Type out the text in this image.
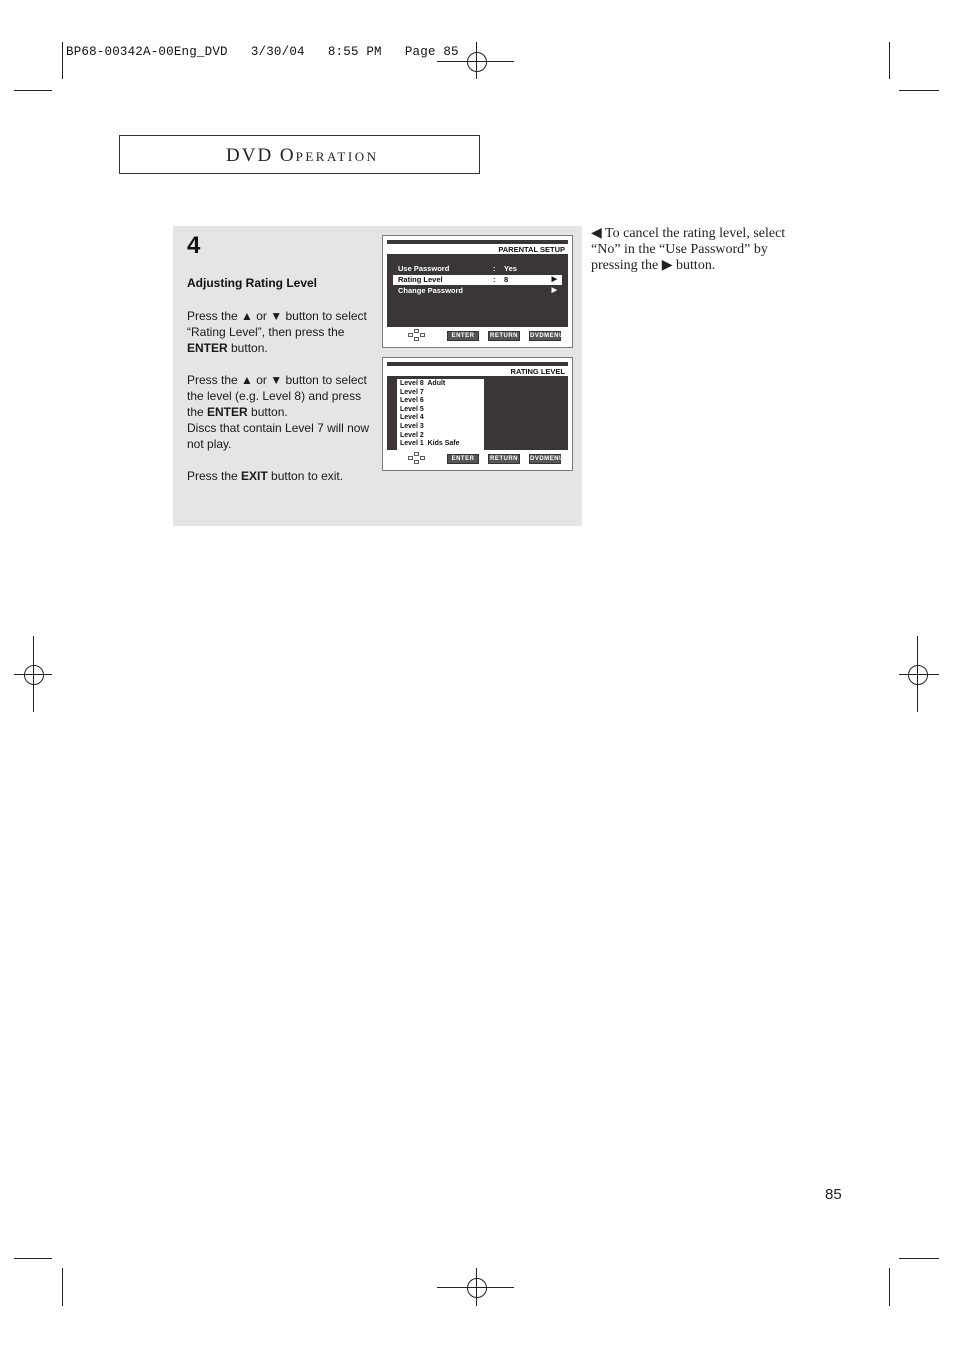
BP68-00342A-00Eng_DVD   3/30/04   8:55 PM   Page 85
DVD OPERATION
4
Adjusting Rating Level
Press the ▲ or ▼ button to select “Rating Level”, then press the ENTER button.
Press the ▲ or ▼ button to select the level (e.g. Level 8) and press the ENTER button.
Discs that contain Level 7 will now not play.
Press the EXIT button to exit.
PARENTAL SETUP
Use Password	: Yes
Rating Level	: 8	▶
Change Password	▶
ENTER	RETURN	DVDMENU
RATING LEVEL
Level 8  Adult
Level 7
Level 6
Level 5
Level 4
Level 3
Level 2
Level 1  Kids Safe
ENTER	RETURN	DVDMENU
◀ To cancel the rating level, select “No” in the “Use Password” by pressing the ▶ button.
85
